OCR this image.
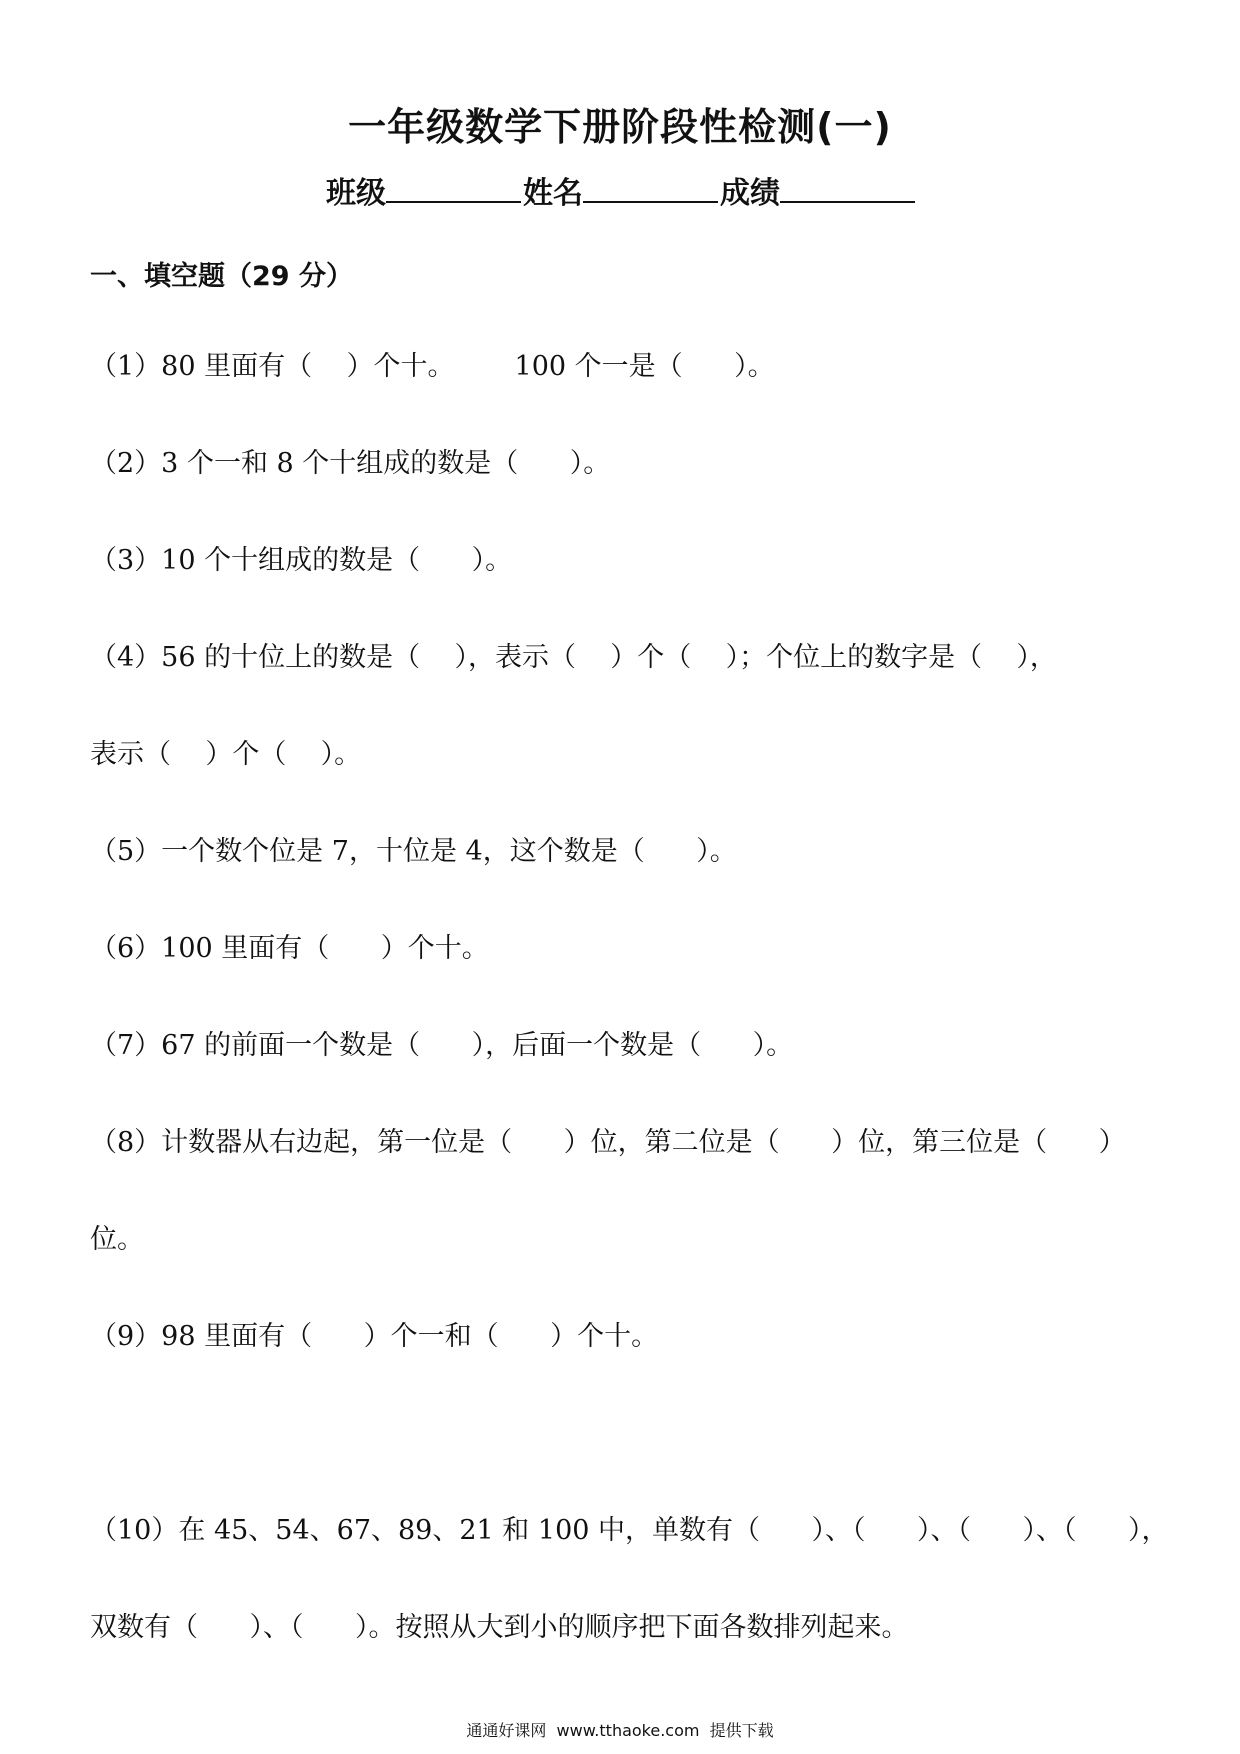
一年级数学下册阶段性检测(一)
班级	姓名	成绩
一、填空题（29 分）
（1）80 里面有（    ）个十。       100 个一是（      ）。
（2）3 个一和 8 个十组成的数是（      ）。
（3）10 个十组成的数是（      ）。
（4）56 的十位上的数是（    ），表示（    ）个（    ）；个位上的数字是（    ），
表示（    ）个（    ）。
（5）一个数个位是 7，十位是 4，这个数是（      ）。
（6）100 里面有（      ）个十。
（7）67 的前面一个数是（      ），后面一个数是（      ）。
（8）计数器从右边起，第一位是（      ）位，第二位是（      ）位，第三位是（      ）
位。
（9）98 里面有（      ）个一和（      ）个十。
（10）在 45、54、67、89、21 和 100 中，单数有（      ）、（      ）、（      ）、（      ），
双数有（      ）、（      ）。按照从大到小的顺序把下面各数排列起来。
通通好课网  www.tthaoke.com  提供下载
